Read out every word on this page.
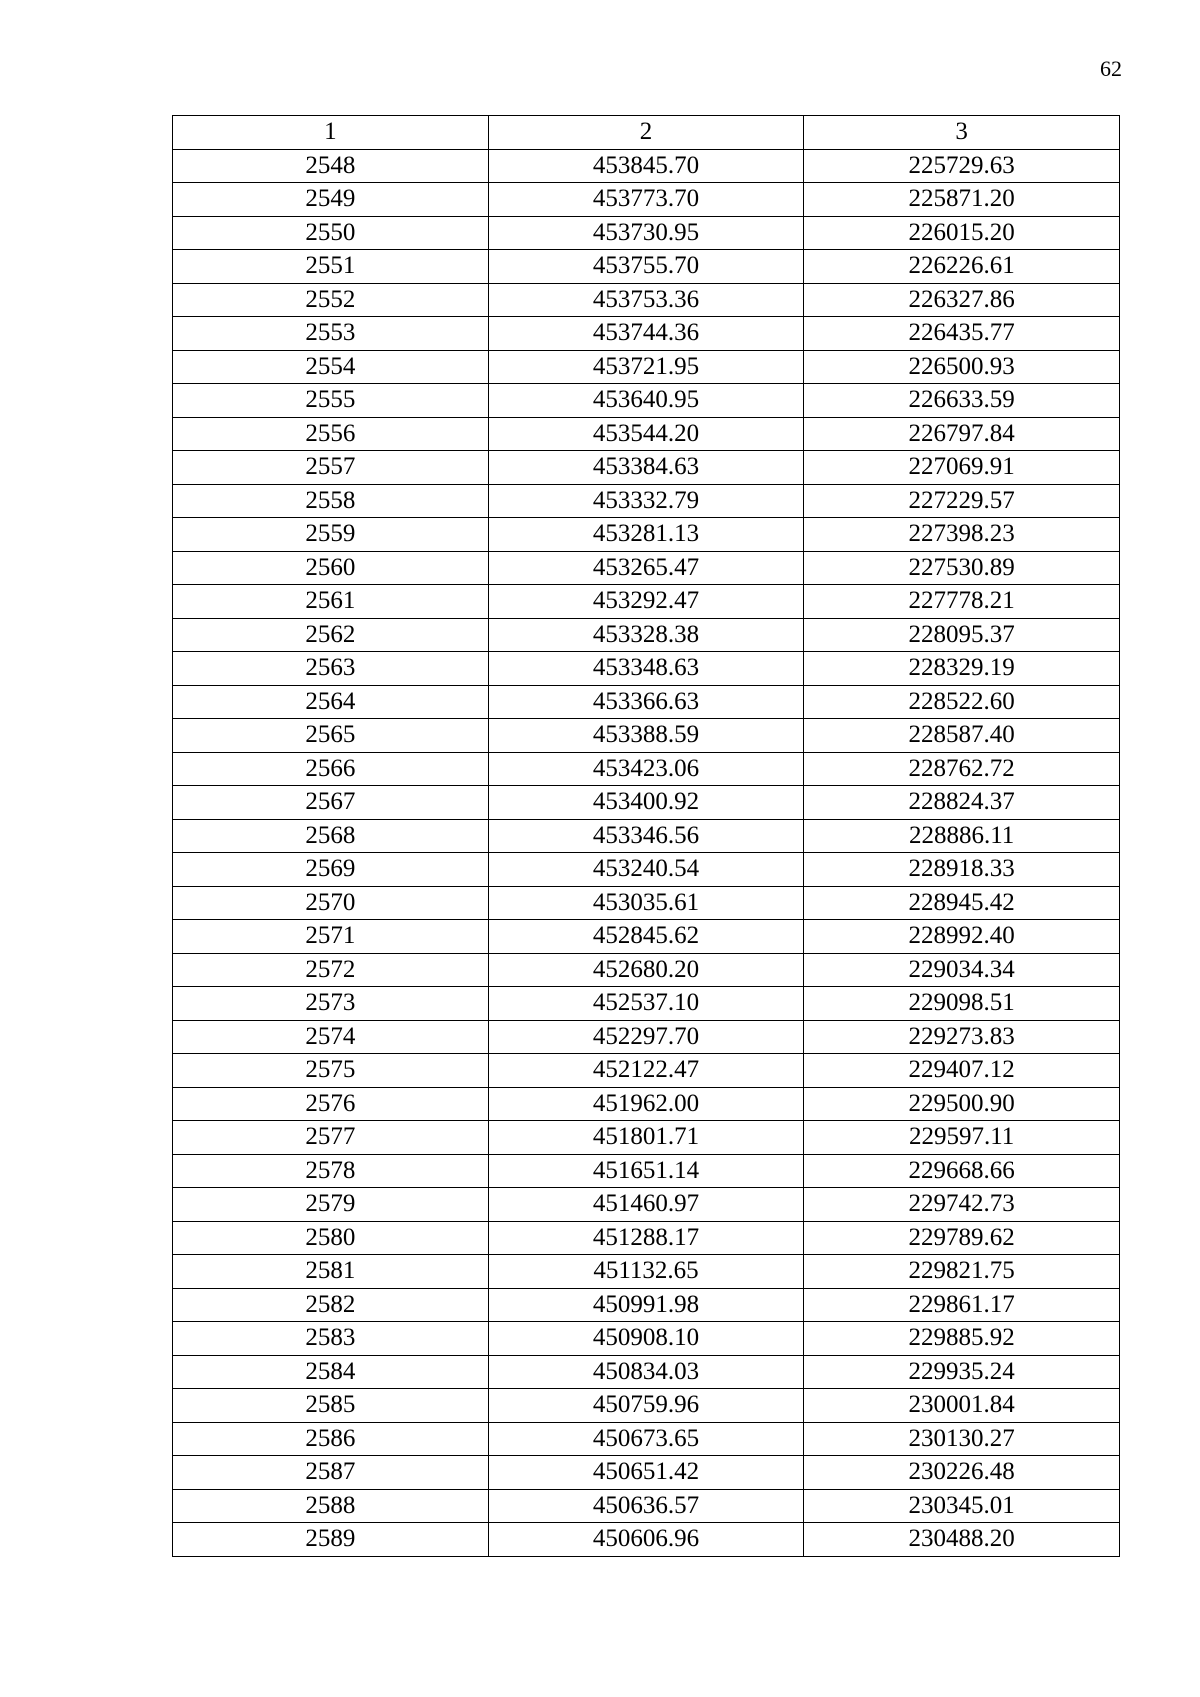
62
1	2	3
2548	453845.70	225729.63
2549	453773.70	225871.20
2550	453730.95	226015.20
2551	453755.70	226226.61
2552	453753.36	226327.86
2553	453744.36	226435.77
2554	453721.95	226500.93
2555	453640.95	226633.59
2556	453544.20	226797.84
2557	453384.63	227069.91
2558	453332.79	227229.57
2559	453281.13	227398.23
2560	453265.47	227530.89
2561	453292.47	227778.21
2562	453328.38	228095.37
2563	453348.63	228329.19
2564	453366.63	228522.60
2565	453388.59	228587.40
2566	453423.06	228762.72
2567	453400.92	228824.37
2568	453346.56	228886.11
2569	453240.54	228918.33
2570	453035.61	228945.42
2571	452845.62	228992.40
2572	452680.20	229034.34
2573	452537.10	229098.51
2574	452297.70	229273.83
2575	452122.47	229407.12
2576	451962.00	229500.90
2577	451801.71	229597.11
2578	451651.14	229668.66
2579	451460.97	229742.73
2580	451288.17	229789.62
2581	451132.65	229821.75
2582	450991.98	229861.17
2583	450908.10	229885.92
2584	450834.03	229935.24
2585	450759.96	230001.84
2586	450673.65	230130.27
2587	450651.42	230226.48
2588	450636.57	230345.01
2589	450606.96	230488.20
